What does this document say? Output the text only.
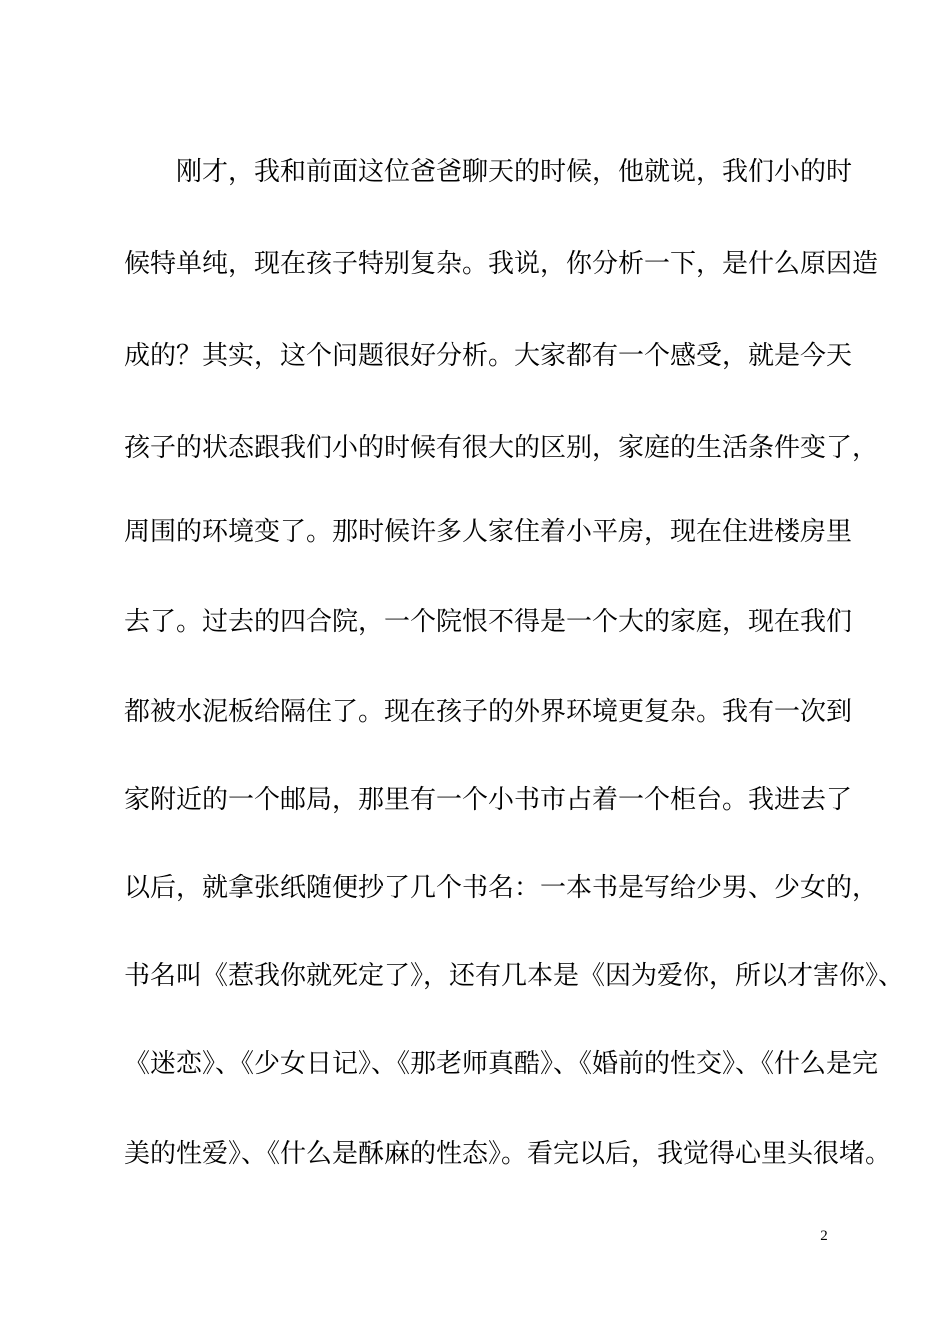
刚才，我和前面这位爸爸聊天的时候，他就说，我们小的时
候特单纯，现在孩子特别复杂。我说，你分析一下，是什么原因造
成的？其实，这个问题很好分析。大家都有一个感受，就是今天
孩子的状态跟我们小的时候有很大的区别，家庭的生活条件变了，
周围的环境变了。那时候许多人家住着小平房，现在住进楼房里
去了。过去的四合院，一个院恨不得是一个大的家庭，现在我们
都被水泥板给隔住了。现在孩子的外界环境更复杂。我有一次到
家附近的一个邮局，那里有一个小书市占着一个柜台。我进去了
以后，就拿张纸随便抄了几个书名：一本书是写给少男、少女的，
书名叫《惹我你就死定了》，还有几本是《因为爱你，所以才害你》、
《迷恋》、《少女日记》、《那老师真酷》、《婚前的性交》、《什么是完
美的性爱》、《什么是酥麻的性态》。看完以后，我觉得心里头很堵。
2
